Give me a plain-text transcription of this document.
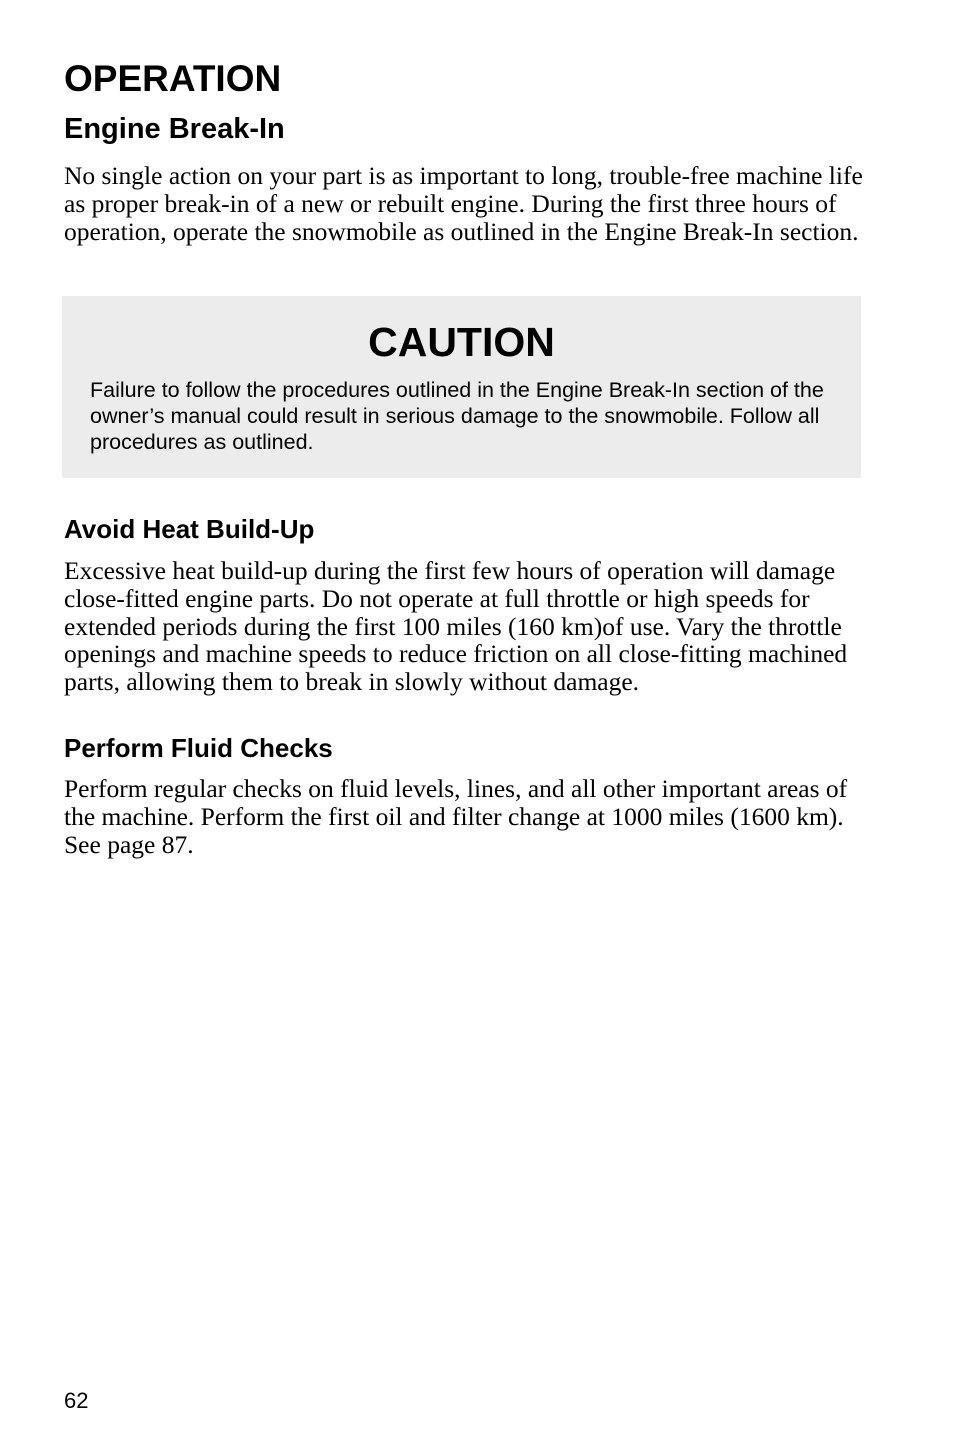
OPERATION
Engine Break-In

No single action on your part is as important to long, trouble-free machine life as proper break-in of a new or rebuilt engine. During the first three hours of operation, operate the snowmobile as outlined in the Engine Break-In section.

CAUTION

Failure to follow the procedures outlined in the Engine Break-In section of the owner’s manual could result in serious damage to the snowmobile. Follow all procedures as outlined.

Avoid Heat Build-Up

Excessive heat build-up during the first few hours of operation will damage close-fitted engine parts. Do not operate at full throttle or high speeds for extended periods during the first 100 miles (160 km)of use. Vary the throttle openings and machine speeds to reduce friction on all close-fitting machined parts, allowing them to break in slowly without damage.

Perform Fluid Checks

Perform regular checks on fluid levels, lines, and all other important areas of the machine. Perform the first oil and filter change at 1000 miles (1600 km). See page 87.

62
